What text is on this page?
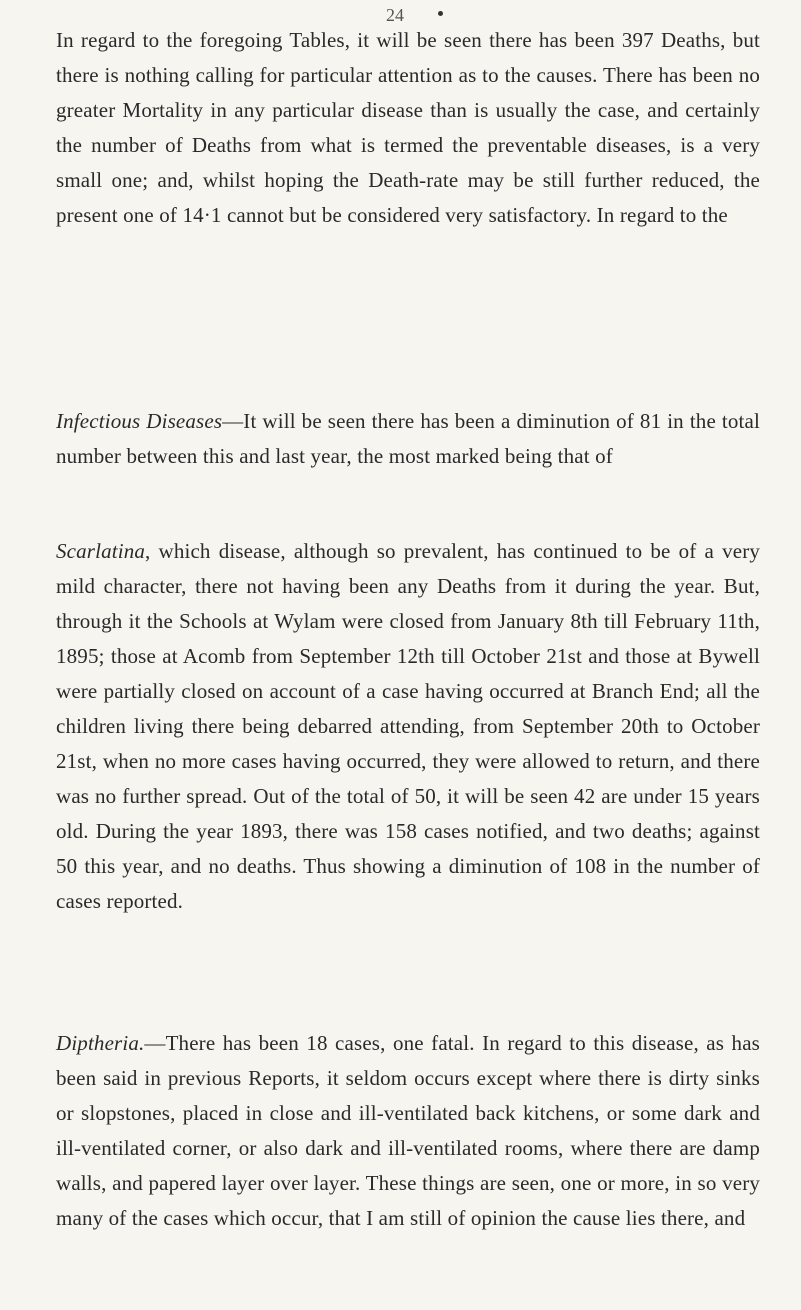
24

In regard to the foregoing Tables, it will be seen there has been 397 Deaths, but there is nothing calling for particular attention as to the causes. There has been no greater Mortality in any particular disease than is usually the case, and certainly the number of Deaths from what is termed the preventable diseases, is a very small one; and, whilst hoping the Death-rate may be still further reduced, the present one of 14·1 cannot but be considered very satisfactory. In regard to the

Infectious Diseases—It will be seen there has been a diminution of 81 in the total number between this and last year, the most marked being that of

Scarlatina, which disease, although so prevalent, has continued to be of a very mild character, there not having been any Deaths from it during the year. But, through it the Schools at Wylam were closed from January 8th till February 11th, 1895; those at Acomb from September 12th till October 21st and those at Bywell were partially closed on account of a case having occurred at Branch End; all the children living there being debarred attending, from September 20th to October 21st, when no more cases having occurred, they were allowed to return, and there was no further spread. Out of the total of 50, it will be seen 42 are under 15 years old. During the year 1893, there was 158 cases notified, and two deaths; against 50 this year, and no deaths. Thus showing a diminution of 108 in the number of cases reported.

Diptheria.—There has been 18 cases, one fatal. In regard to this disease, as has been said in previous Reports, it seldom occurs except where there is dirty sinks or slopstones, placed in close and ill-ventilated back kitchens, or some dark and ill-ventilated corner, or also dark and ill-ventilated rooms, where there are damp walls, and papered layer over layer. These things are seen, one or more, in so very many of the cases which occur, that I am still of opinion the cause lies there, and
